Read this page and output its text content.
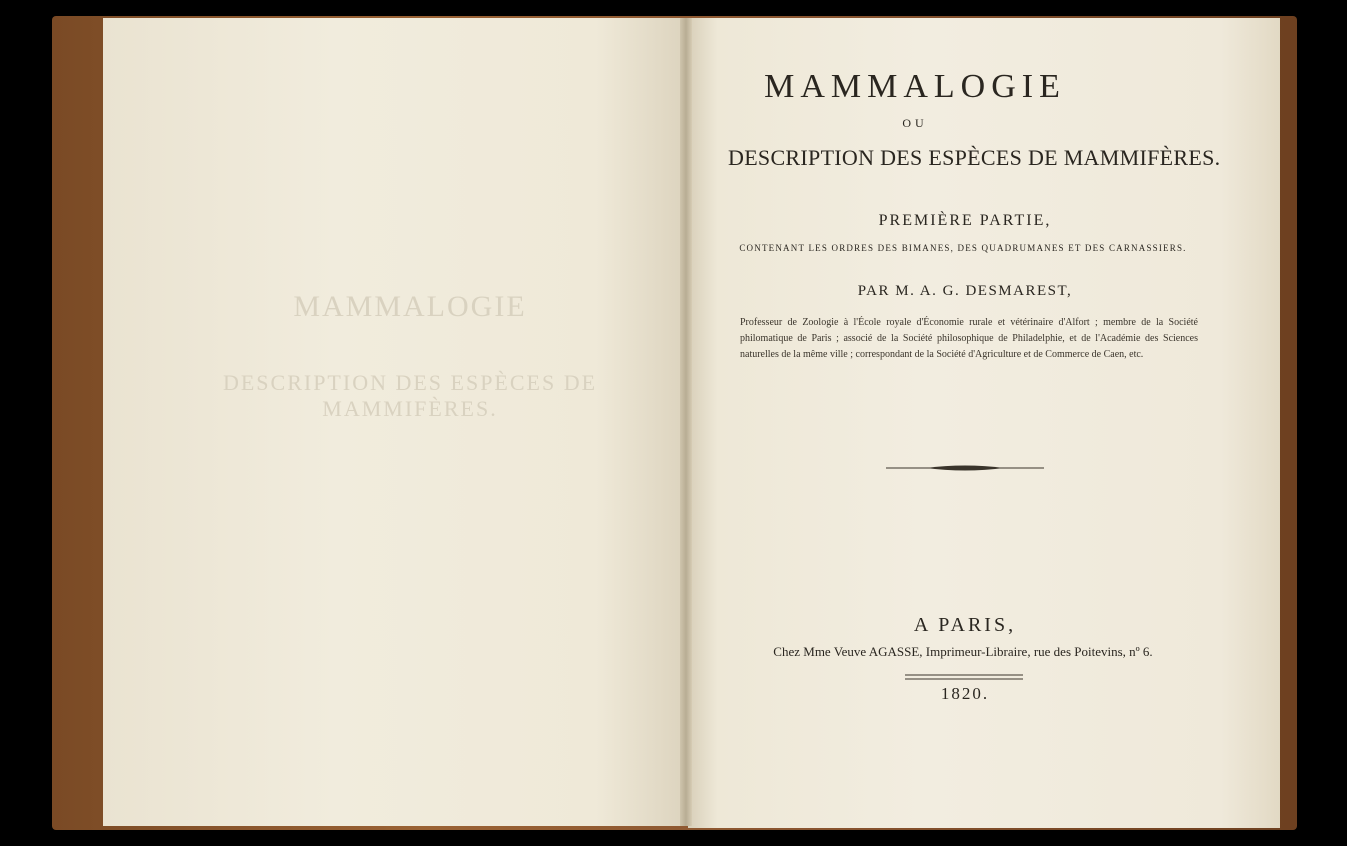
MAMMALOGIE
DESCRIPTION DES ESPÈCES DE MAMMIFÈRES.
MAMMALOGIE
OU
DESCRIPTION DES ESPÈCES DE MAMMIFÈRES.
PREMIÈRE PARTIE,
CONTENANT LES ORDRES DES BIMANES, DES QUADRUMANES ET DES CARNASSIERS.
PAR M. A. G. DESMAREST,
Professeur de Zoologie à l'École royale d'Économie rurale et vétérinaire d'Alfort ; membre de la Société philomatique de Paris ; associé de la Société philosophique de Philadelphie, et de l'Académie des Sciences naturelles de la même ville ; correspondant de la Société d'Agriculture et de Commerce de Caen, etc.
A PARIS,
Chez Mme Veuve AGASSE, Imprimeur-Libraire, rue des Poitevins, nº 6.
1820.
